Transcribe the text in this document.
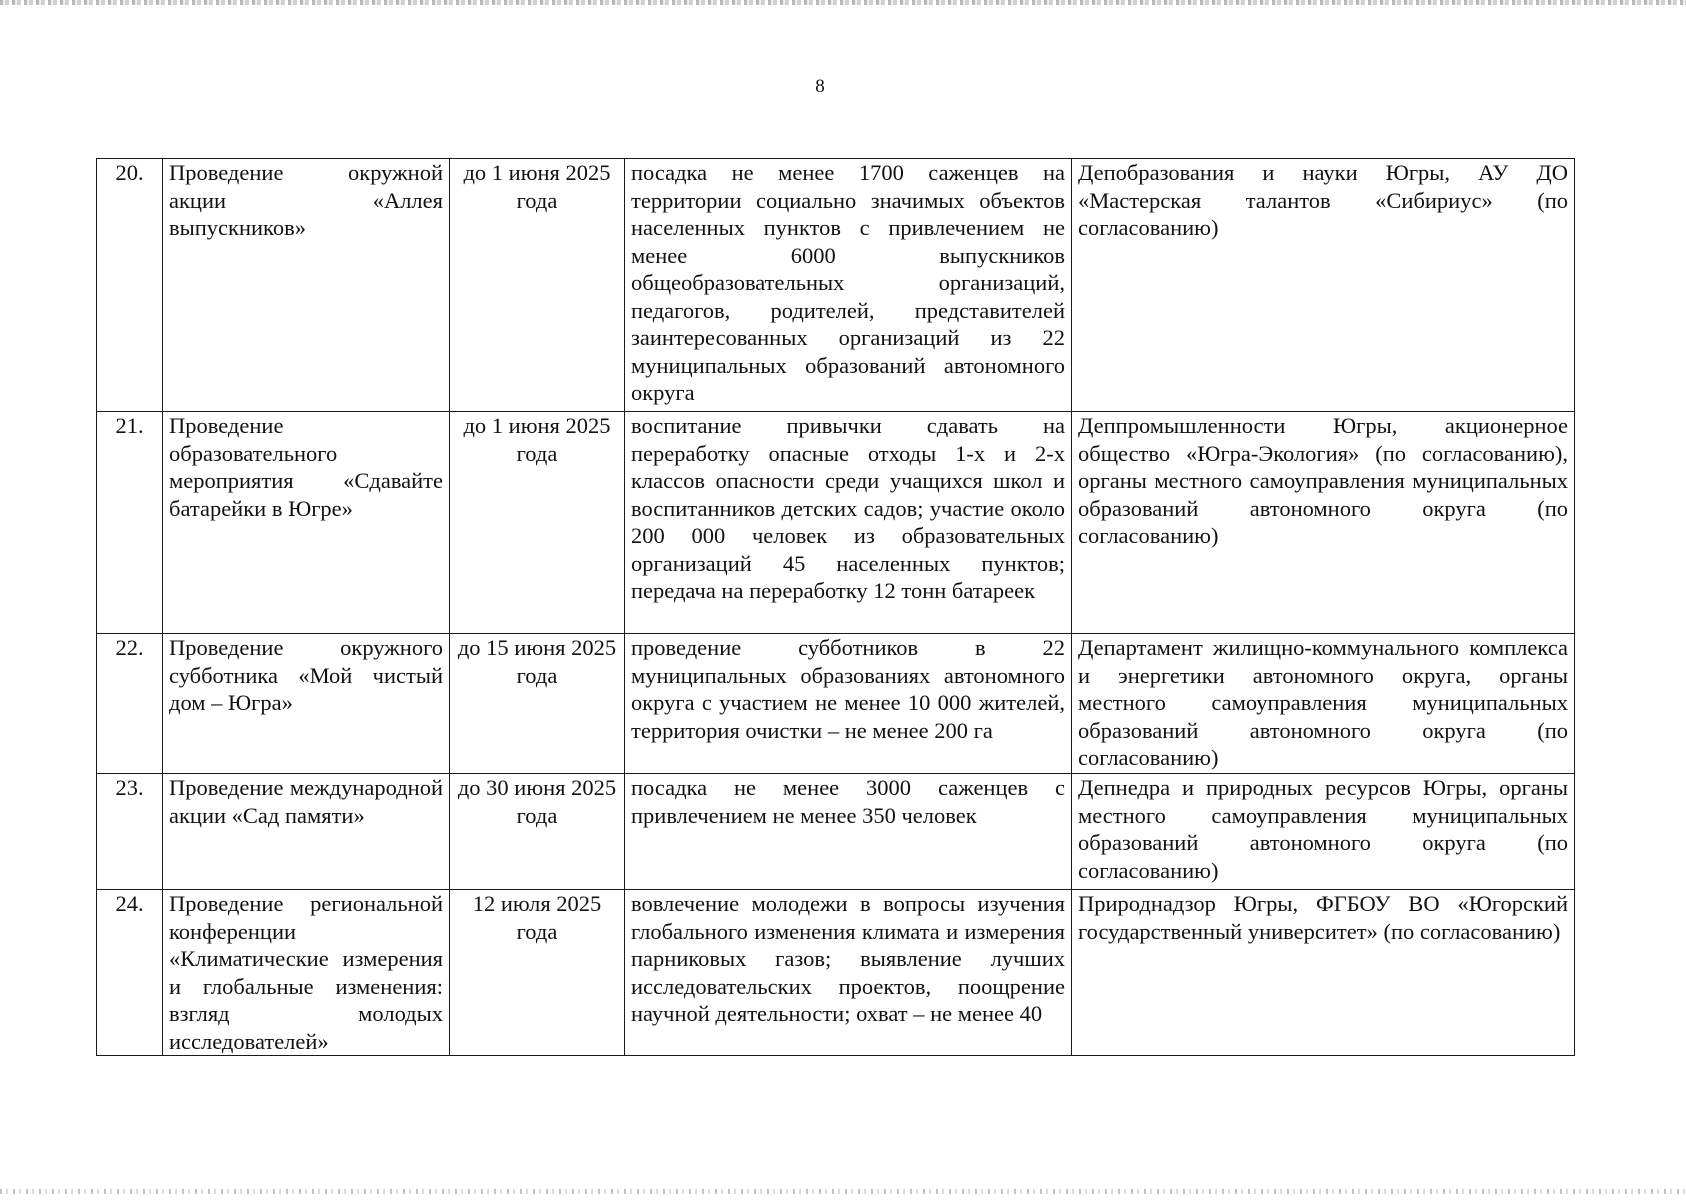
8
20.	Проведение окружной акции «Аллея выпускников»	до 1 июня 2025 года	посадка не менее 1700 саженцев на территории социально значимых объектов населенных пунктов с привлечением не менее 6000 выпускников общеобразовательных организаций, педагогов, родителей, представителей заинтересованных организаций из 22 муниципальных образований автономного округа	Депобразования и науки Югры, АУ ДО «Мастерская талантов «Сибириус» (по согласованию)
21.	Проведение образовательного мероприятия «Сдавайте батарейки в Югре»	до 1 июня 2025 года	воспитание привычки сдавать на переработку опасные отходы 1-х и 2-х классов опасности среди учащихся школ и воспитанников детских садов; участие около 200 000 человек из образовательных организаций 45 населенных пунктов; передача на переработку 12 тонн батареек	Деппромышленности Югры, акционерное общество «Югра-Экология» (по согласованию), органы местного самоуправления муниципальных образований автономного округа (по согласованию)
22.	Проведение окружного субботника «Мой чистый дом – Югра»	до 15 июня 2025 года	проведение субботников в 22 муниципальных образованиях автономного округа с участием не менее 10 000 жителей, территория очистки – не менее 200 га	Департамент жилищно-коммунального комплекса и энергетики автономного округа, органы местного самоуправления муниципальных образований автономного округа (по согласованию)
23.	Проведение международной акции «Сад памяти»	до 30 июня 2025 года	посадка не менее 3000 саженцев с привлечением не менее 350 человек	Депнедра и природных ресурсов Югры, органы местного самоуправления муниципальных образований автономного округа (по согласованию)
24.	Проведение региональной конференции «Климатические измерения и глобальные изменения: взгляд молодых исследователей»	12 июля 2025 года	вовлечение молодежи в вопросы изучения глобального изменения климата и измерения парниковых газов; выявление лучших исследовательских проектов, поощрение научной деятельности; охват – не менее 40	Природнадзор Югры, ФГБОУ ВО «Югорский государственный университет» (по согласованию)
